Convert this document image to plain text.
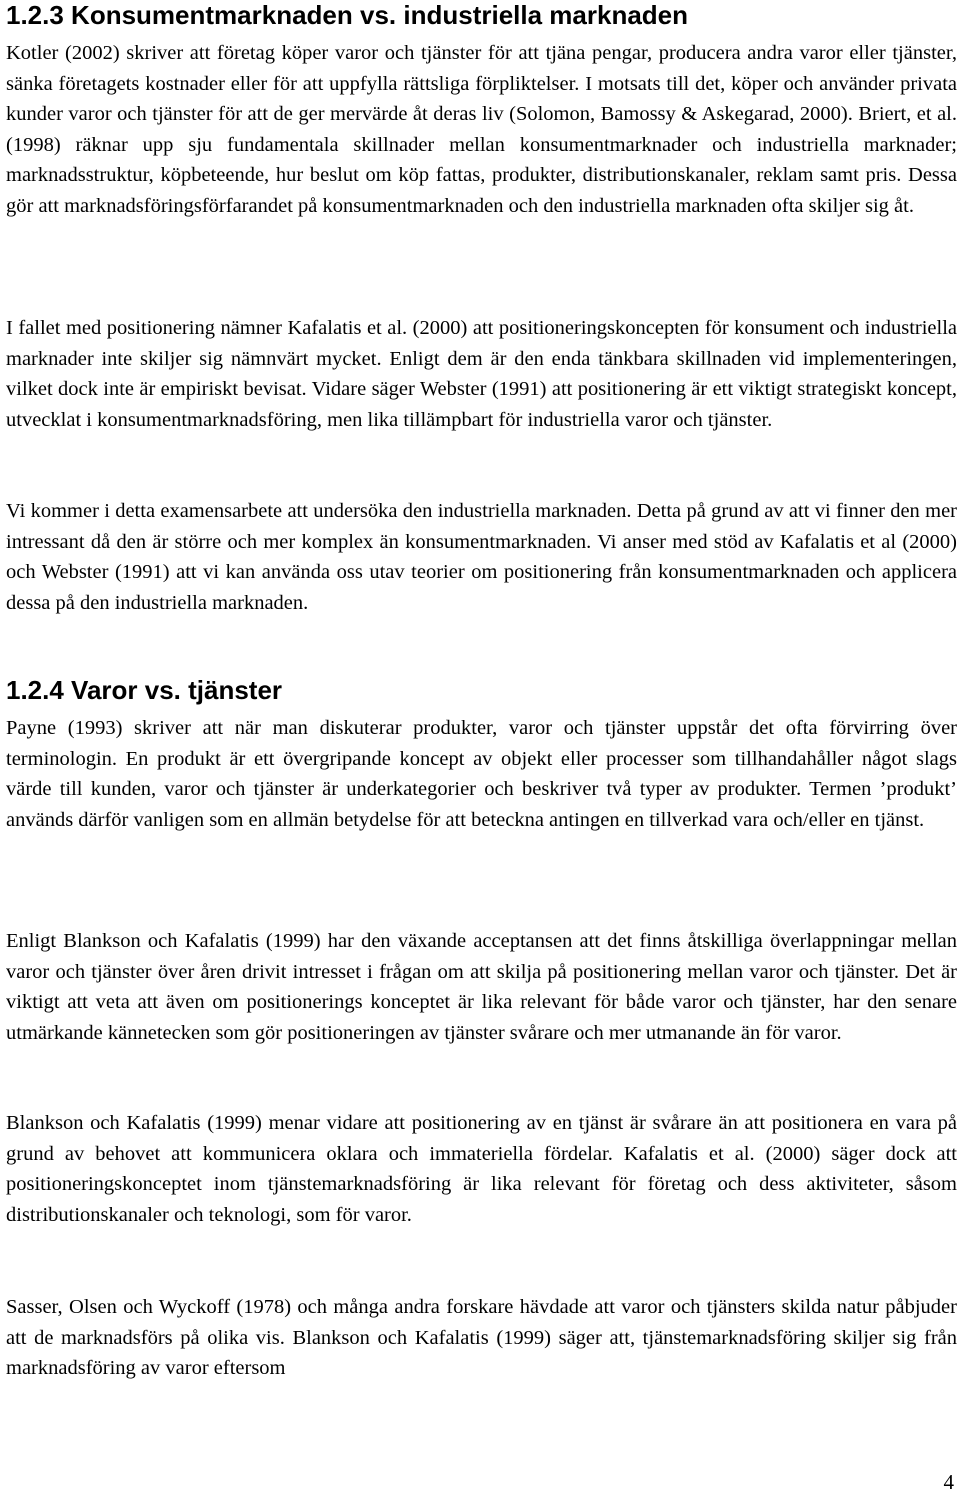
1.2.3 Konsumentmarknaden vs. industriella marknaden

Kotler (2002) skriver att företag köper varor och tjänster för att tjäna pengar, producera andra varor eller tjänster, sänka företagets kostnader eller för att uppfylla rättsliga förpliktelser. I motsats till det, köper och använder privata kunder varor och tjänster för att de ger mervärde åt deras liv (Solomon, Bamossy & Askegarad, 2000). Briert, et al. (1998) räknar upp sju fundamentala skillnader mellan konsumentmarknader och industriella marknader; marknadsstruktur, köpbeteende, hur beslut om köp fattas, produkter, distributionskanaler, reklam samt pris. Dessa gör att marknadsföringsförfarandet på konsumentmarknaden och den industriella marknaden ofta skiljer sig åt.

I fallet med positionering nämner Kafalatis et al. (2000) att positioneringskoncepten för konsument och industriella marknader inte skiljer sig nämnvärt mycket. Enligt dem är den enda tänkbara skillnaden vid implementeringen, vilket dock inte är empiriskt bevisat. Vidare säger Webster (1991) att positionering är ett viktigt strategiskt koncept, utvecklat i konsumentmarknadsföring, men lika tillämpbart för industriella varor och tjänster.

Vi kommer i detta examensarbete att undersöka den industriella marknaden. Detta på grund av att vi finner den mer intressant då den är större och mer komplex än konsumentmarknaden. Vi anser med stöd av Kafalatis et al (2000) och Webster (1991) att vi kan använda oss utav teorier om positionering från konsumentmarknaden och applicera dessa på den industriella marknaden.

1.2.4 Varor vs. tjänster

Payne (1993) skriver att när man diskuterar produkter, varor och tjänster uppstår det ofta förvirring över terminologin. En produkt är ett övergripande koncept av objekt eller processer som tillhandahåller något slags värde till kunden, varor och tjänster är underkategorier och beskriver två typer av produkter. Termen ’produkt’ används därför vanligen som en allmän betydelse för att beteckna antingen en tillverkad vara och/eller en tjänst.

Enligt Blankson och Kafalatis (1999) har den växande acceptansen att det finns åtskilliga överlappningar mellan varor och tjänster över åren drivit intresset i frågan om att skilja på positionering mellan varor och tjänster. Det är viktigt att veta att även om positionerings konceptet är lika relevant för både varor och tjänster, har den senare utmärkande kännetecken som gör positioneringen av tjänster svårare och mer utmanande än för varor.

Blankson och Kafalatis (1999) menar vidare att positionering av en tjänst är svårare än att positionera en vara på grund av behovet att kommunicera oklara och immateriella fördelar. Kafalatis et al. (2000) säger dock att positioneringskonceptet inom tjänstemarknadsföring är lika relevant för företag och dess aktiviteter, såsom distributionskanaler och teknologi, som för varor.

Sasser, Olsen och Wyckoff (1978) och många andra forskare hävdade att varor och tjänsters skilda natur påbjuder att de marknadsförs på olika vis. Blankson och Kafalatis (1999) säger att, tjänstemarknadsföring skiljer sig från marknadsföring av varor eftersom

4
